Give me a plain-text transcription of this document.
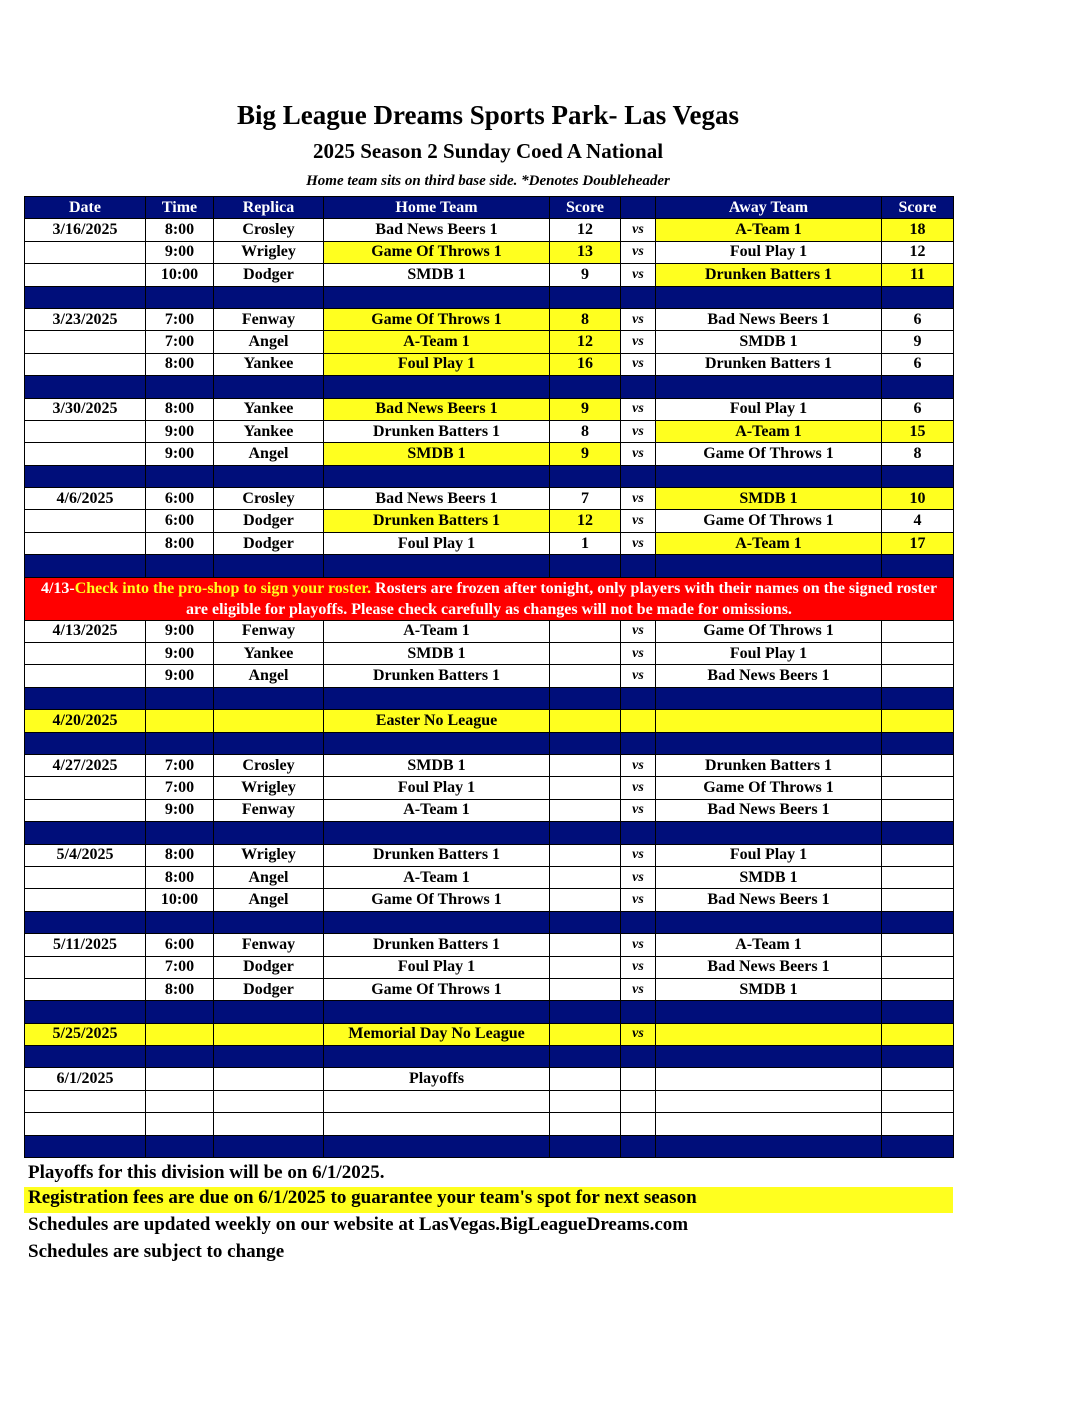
Big League Dreams Sports Park- Las Vegas
2025 Season 2 Sunday Coed A National
Home team sits on third base side. *Denotes Doubleheader
Date	Time	Replica	Home Team	Score		Away Team	Score
3/16/2025	8:00	Crosley	Bad News Beers 1	12	vs	A-Team 1	18
	9:00	Wrigley	Game Of Throws 1	13	vs	Foul Play 1	12
	10:00	Dodger	SMDB 1	9	vs	Drunken Batters 1	11

3/23/2025	7:00	Fenway	Game Of Throws 1	8	vs	Bad News Beers 1	6
	7:00	Angel	A-Team 1	12	vs	SMDB 1	9
	8:00	Yankee	Foul Play 1	16	vs	Drunken Batters 1	6

3/30/2025	8:00	Yankee	Bad News Beers 1	9	vs	Foul Play 1	6
	9:00	Yankee	Drunken Batters 1	8	vs	A-Team 1	15
	9:00	Angel	SMDB 1	9	vs	Game Of Throws 1	8

4/6/2025	6:00	Crosley	Bad News Beers 1	7	vs	SMDB 1	10
	6:00	Dodger	Drunken Batters 1	12	vs	Game Of Throws 1	4
	8:00	Dodger	Foul Play 1	1	vs	A-Team 1	17

4/13-Check into the pro-shop to sign your roster. Rosters are frozen after tonight, only players with their names on the signed roster are eligible for playoffs. Please check carefully as changes will not be made for omissions.							
4/13/2025	9:00	Fenway	A-Team 1		vs	Game Of Throws 1	
	9:00	Yankee	SMDB 1		vs	Foul Play 1	
	9:00	Angel	Drunken Batters 1		vs	Bad News Beers 1	

4/20/2025			Easter No League				

4/27/2025	7:00	Crosley	SMDB 1		vs	Drunken Batters 1	
	7:00	Wrigley	Foul Play 1		vs	Game Of Throws 1	
	9:00	Fenway	A-Team 1		vs	Bad News Beers 1	

5/4/2025	8:00	Wrigley	Drunken Batters 1		vs	Foul Play 1	
	8:00	Angel	A-Team 1		vs	SMDB 1	
	10:00	Angel	Game Of Throws 1		vs	Bad News Beers 1	

5/11/2025	6:00	Fenway	Drunken Batters 1		vs	A-Team 1	
	7:00	Dodger	Foul Play 1		vs	Bad News Beers 1	
	8:00	Dodger	Game Of Throws 1		vs	SMDB 1	

5/25/2025			Memorial Day No League		vs		

6/1/2025			Playoffs				

Playoffs for this division will be on 6/1/2025.
Registration fees are due on 6/1/2025 to guarantee your team's spot for next season
Schedules are updated weekly on our website at LasVegas.BigLeagueDreams.com
Schedules are subject to change
